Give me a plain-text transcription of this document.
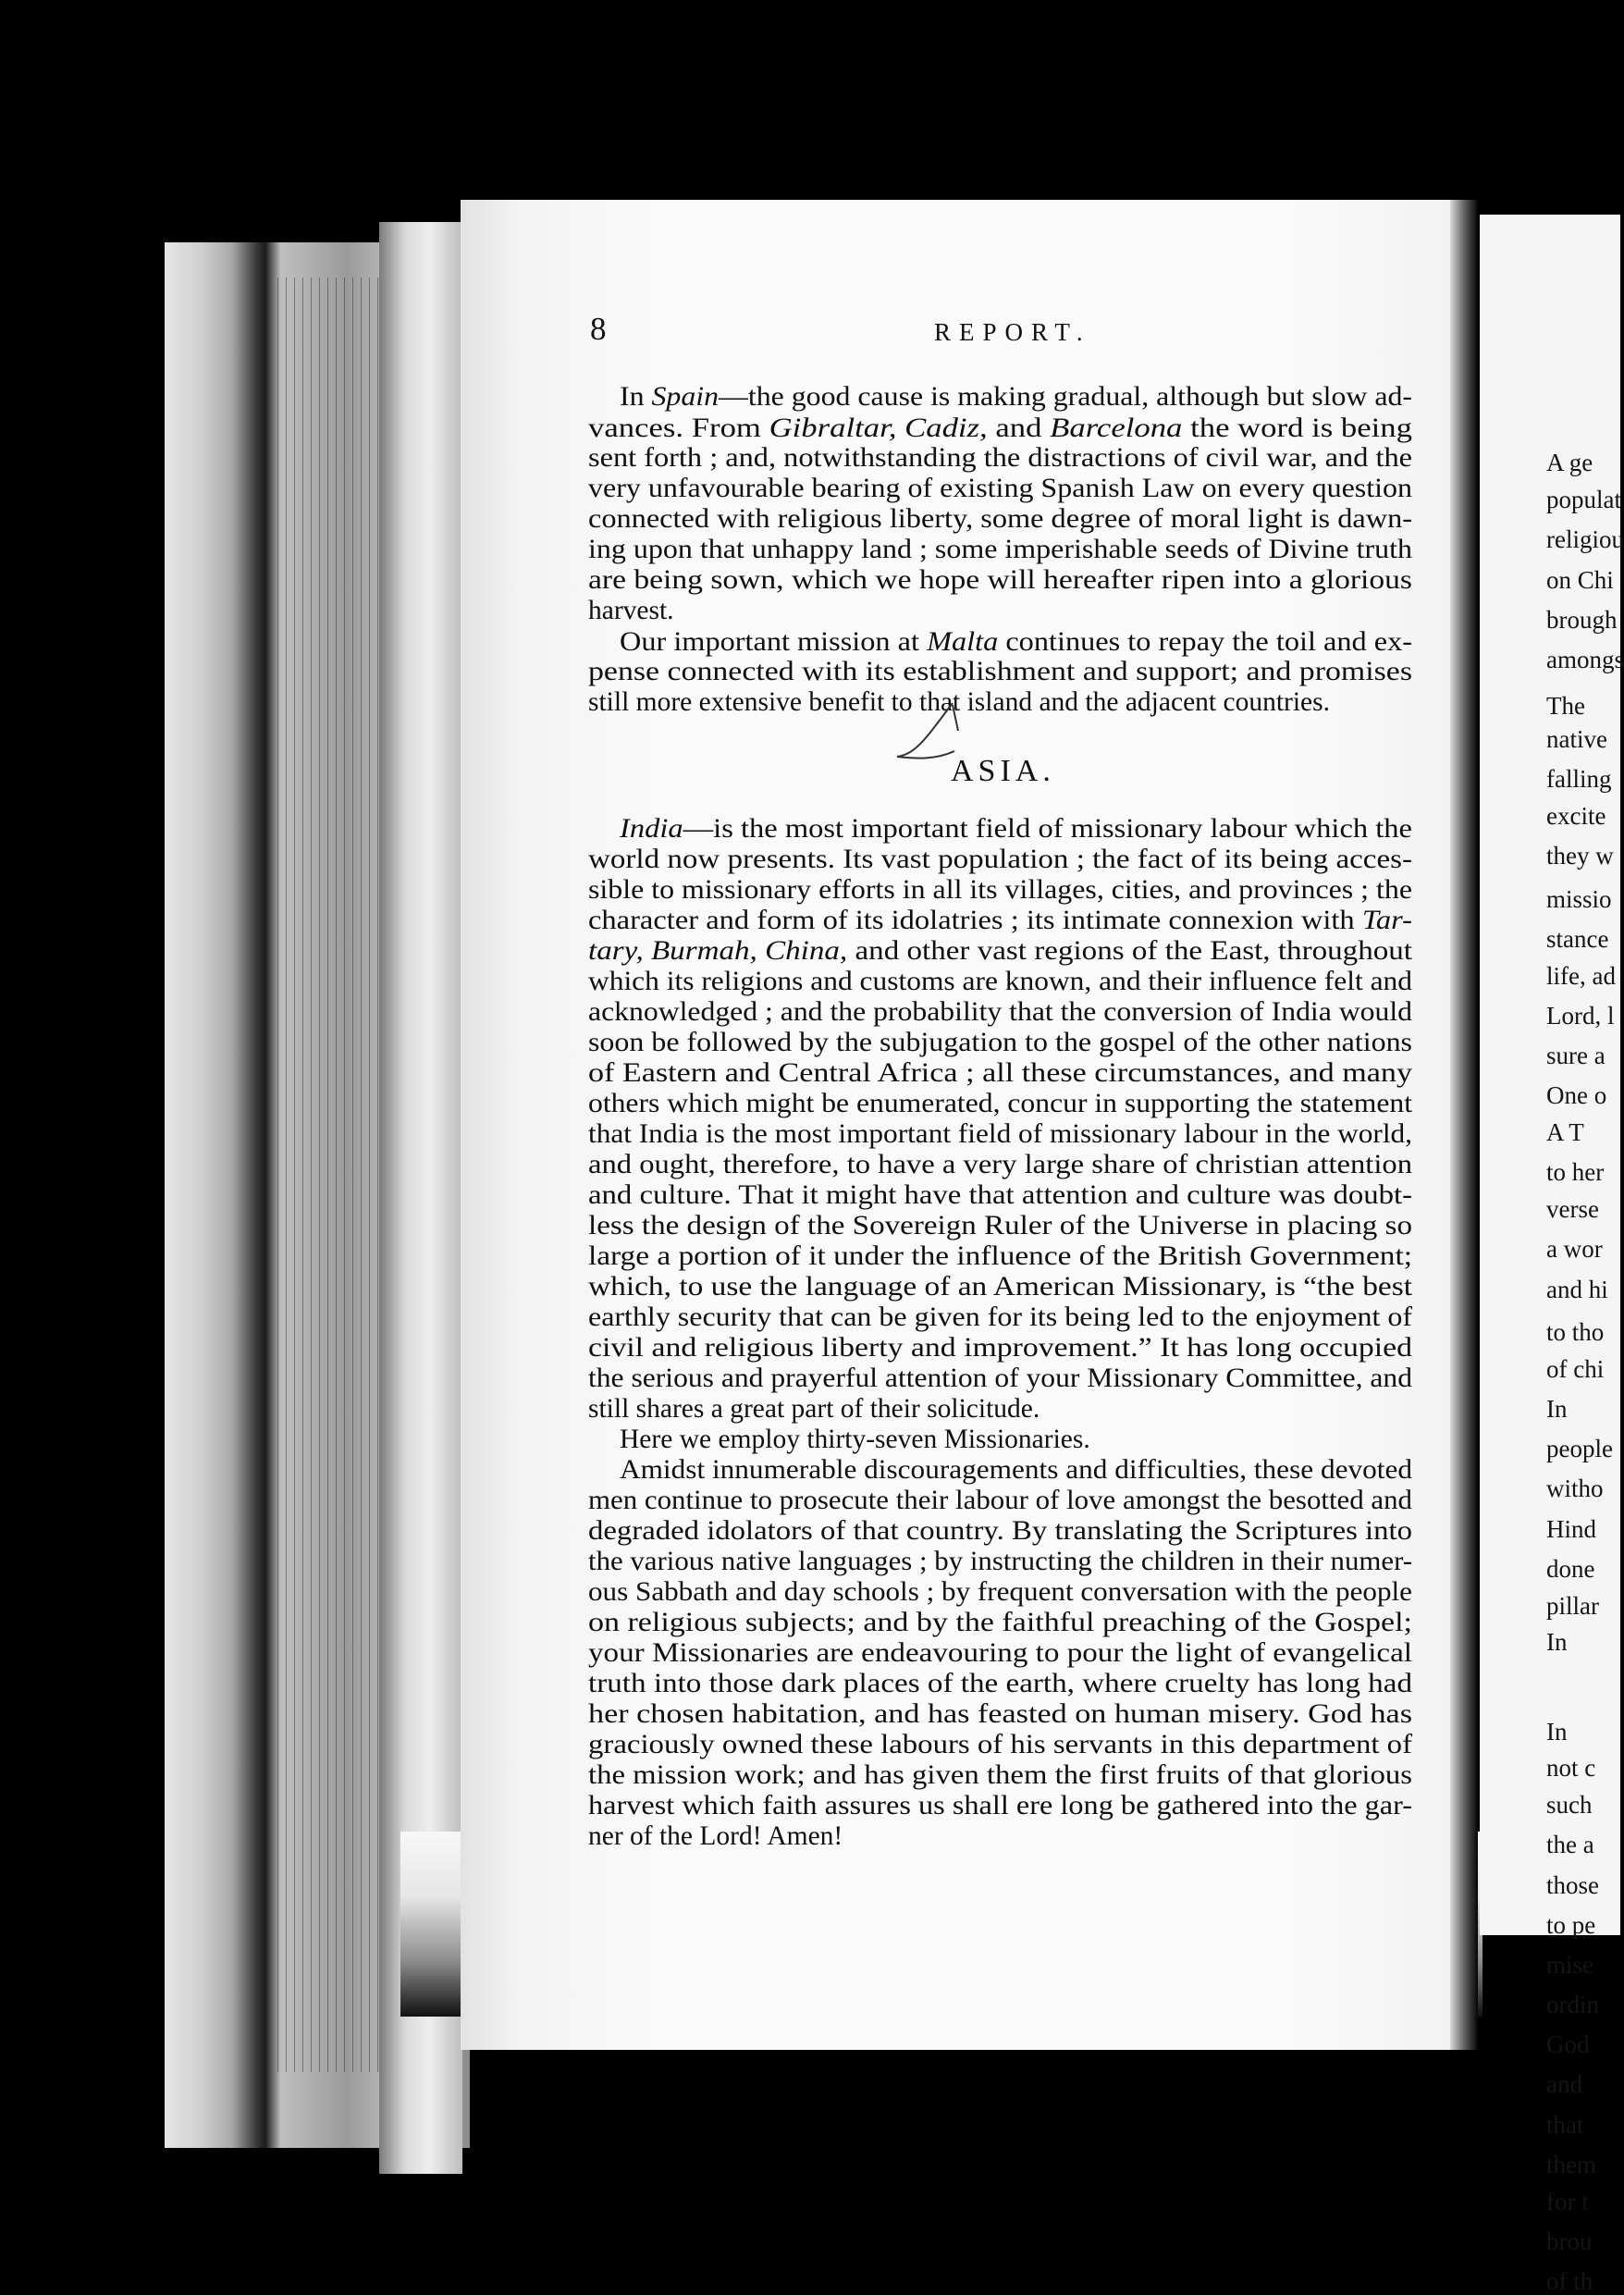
A ge
populat
religiou
on Chi
brough
amongs
The
native
falling
excite
they w
missio
stance
life, ad
Lord, l
sure a
One o
A T
to her
verse
a wor
and hi
to tho
of chi
In
people
witho
Hind
done
pillar
In
In
not c
such
the a
those
to pe
mise
ordin
God
and
that
them
for t
brou
of th
8	REPORT.
In Spain—the good cause is making gradual, although but slow ad-
vances. From Gibraltar, Cadiz, and Barcelona the word is being
sent forth ; and, notwithstanding the distractions of civil war, and the
very unfavourable bearing of existing Spanish Law on every question
connected with religious liberty, some degree of moral light is dawn-
ing upon that unhappy land ; some imperishable seeds of Divine truth
are being sown, which we hope will hereafter ripen into a glorious
harvest.
Our important mission at Malta continues to repay the toil and ex-
pense connected with its establishment and support; and promises
still more extensive benefit to that island and the adjacent countries.
India—is the most important field of missionary labour which the
world now presents. Its vast population ; the fact of its being acces-
sible to missionary efforts in all its villages, cities, and provinces ; the
character and form of its idolatries ; its intimate connexion with Tar-
tary, Burmah, China, and other vast regions of the East, throughout
which its religions and customs are known, and their influence felt and
acknowledged ; and the probability that the conversion of India would
soon be followed by the subjugation to the gospel of the other nations
of Eastern and Central Africa ; all these circumstances, and many
others which might be enumerated, concur in supporting the statement
that India is the most important field of missionary labour in the world,
and ought, therefore, to have a very large share of christian attention
and culture. That it might have that attention and culture was doubt-
less the design of the Sovereign Ruler of the Universe in placing so
large a portion of it under the influence of the British Government;
which, to use the language of an American Missionary, is “the best
earthly security that can be given for its being led to the enjoyment of
civil and religious liberty and improvement.” It has long occupied
the serious and prayerful attention of your Missionary Committee, and
still shares a great part of their solicitude.
Here we employ thirty-seven Missionaries.
Amidst innumerable discouragements and difficulties, these devoted
men continue to prosecute their labour of love amongst the besotted and
degraded idolators of that country. By translating the Scriptures into
the various native languages ; by instructing the children in their numer-
ous Sabbath and day schools ; by frequent conversation with the people
on religious subjects; and by the faithful preaching of the Gospel;
your Missionaries are endeavouring to pour the light of evangelical
truth into those dark places of the earth, where cruelty has long had
her chosen habitation, and has feasted on human misery. God has
graciously owned these labours of his servants in this department of
the mission work; and has given them the first fruits of that glorious
harvest which faith assures us shall ere long be gathered into the gar-
ner of the Lord! Amen!
ASIA.
